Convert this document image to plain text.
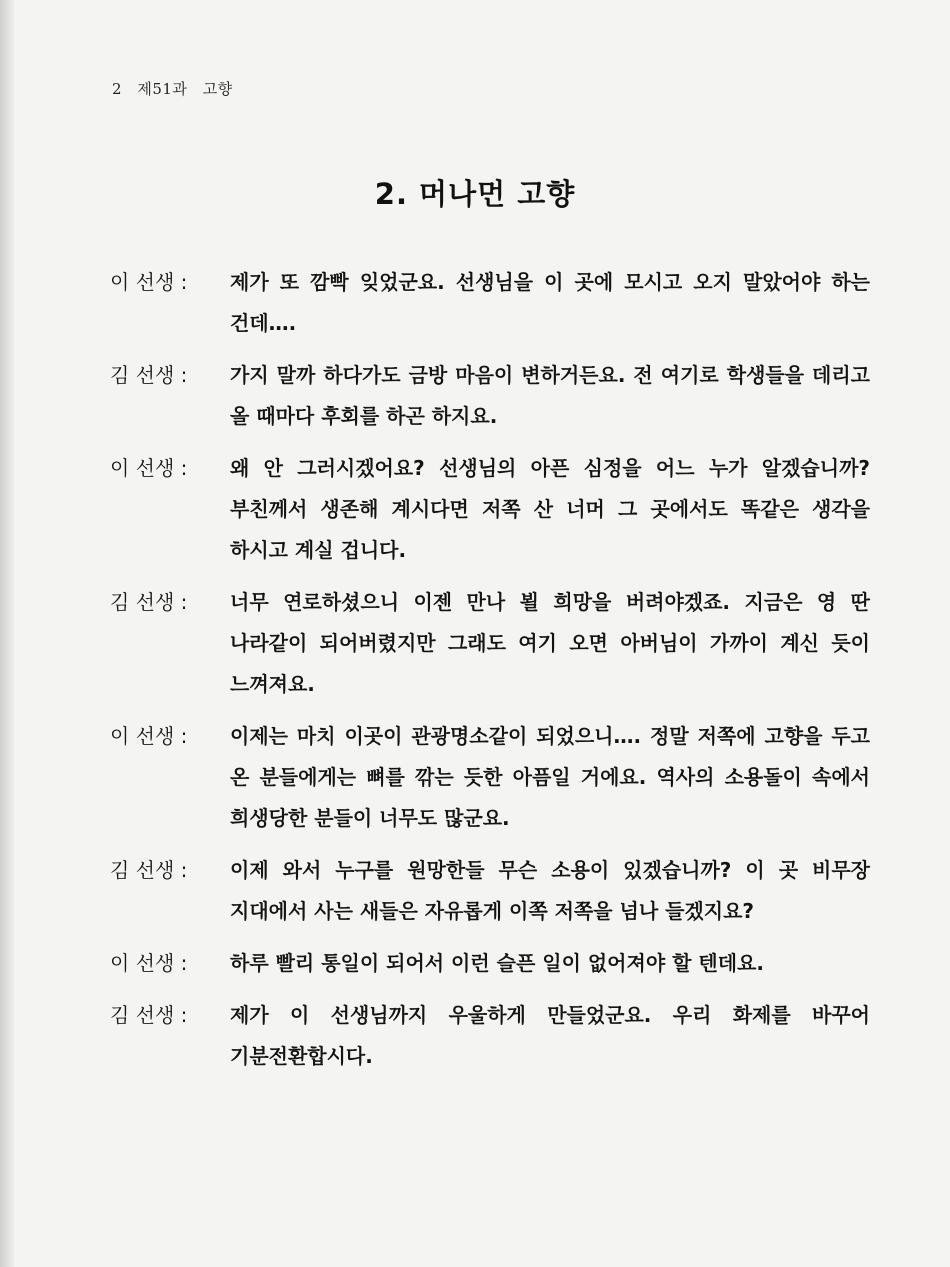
2 제51과 고향
2. 머나먼 고향
이 선생 :	제가 또 깜빡 잊었군요. 선생님을 이 곳에 모시고 오지 말았어야 하는 건데….
김 선생 :	가지 말까 하다가도 금방 마음이 변하거든요. 전 여기로 학생들을 데리고 올 때마다 후회를 하곤 하지요.
이 선생 :	왜 안 그러시겠어요? 선생님의 아픈 심정을 어느 누가 알겠습니까? 부친께서 생존해 계시다면 저쪽 산 너머 그 곳에서도 똑같은 생각을 하시고 계실 겁니다.
김 선생 :	너무 연로하셨으니 이젠 만나 뵐 희망을 버려야겠죠. 지금은 영 딴 나라같이 되어버렸지만 그래도 여기 오면 아버님이 가까이 계신 듯이 느껴져요.
이 선생 :	이제는 마치 이곳이 관광명소같이 되었으니…. 정말 저쪽에 고향을 두고 온 분들에게는 뼈를 깎는 듯한 아픔일 거에요. 역사의 소용돌이 속에서 희생당한 분들이 너무도 많군요.
김 선생 :	이제 와서 누구를 원망한들 무슨 소용이 있겠습니까? 이 곳 비무장 지대에서 사는 새들은 자유롭게 이쪽 저쪽을 넘나 들겠지요?
이 선생 :	하루 빨리 통일이 되어서 이런 슬픈 일이 없어져야 할 텐데요.
김 선생 :	제가 이 선생님까지 우울하게 만들었군요. 우리 화제를 바꾸어 기분전환합시다.
